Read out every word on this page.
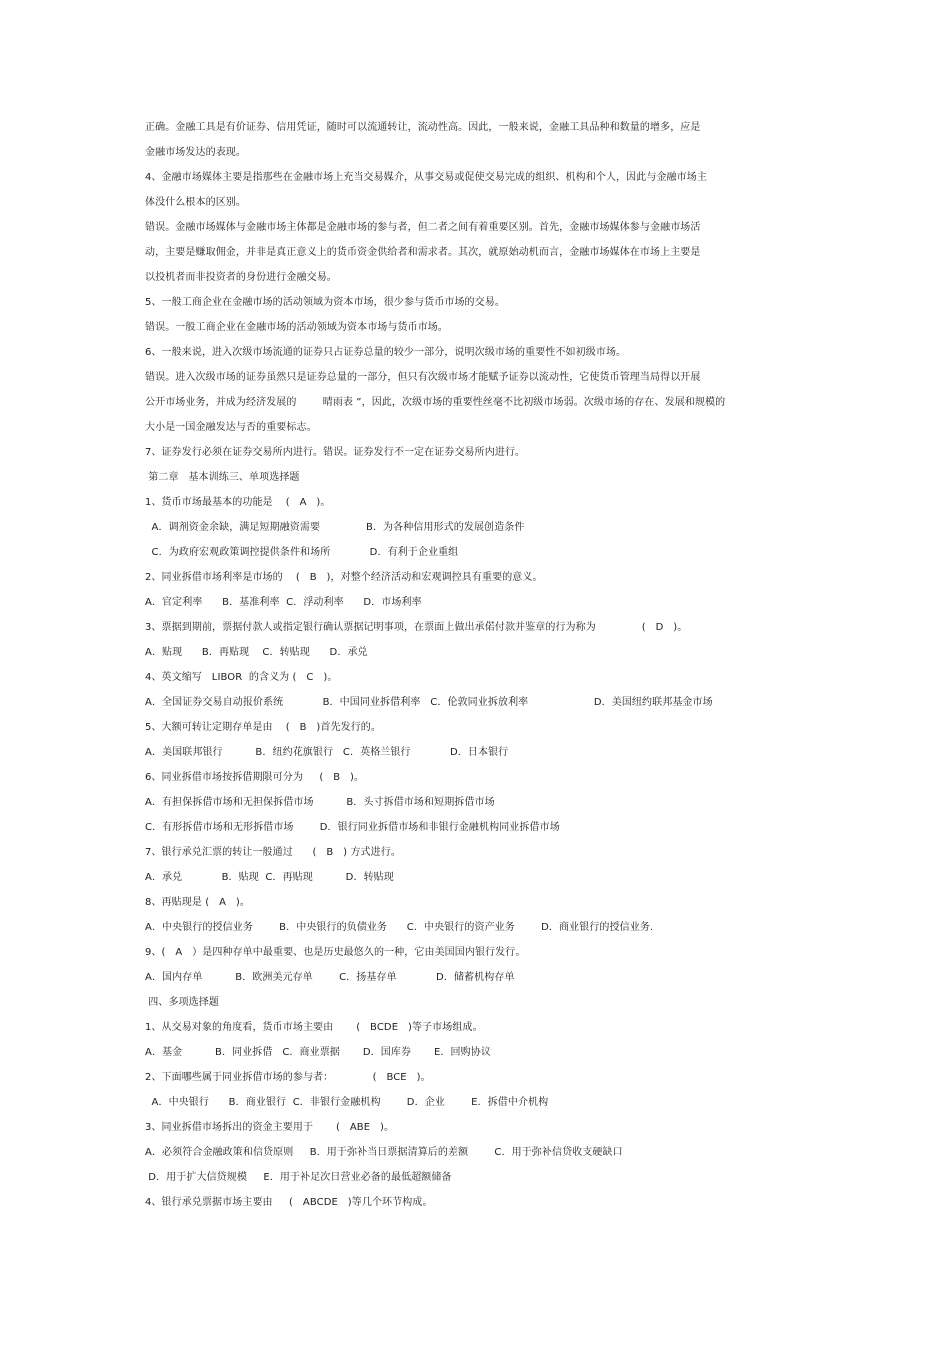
正确。金融工具是有价证券、信用凭证，随时可以流通转让，流动性高。因此，一般来说，金融工具品种和数量的增多，应是
金融市场发达的表现。
4、金融市场媒体主要是指那些在金融市场上充当交易媒介，从事交易或促使交易完成的组织、机构和个人，因此与金融市场主
体没什么根本的区别。
错误。金融市场媒体与金融市场主体都是金融市场的参与者，但二者之间有着重要区别。首先，金融市场媒体参与金融市场活
动，主要是赚取佣金，并非是真正意义上的货币资金供给者和需求者。其次，就原始动机而言，金融市场媒体在市场上主要是
以投机者而非投资者的身份进行金融交易。
5、一般工商企业在金融市场的活动领域为资本市场，很少参与货币市场的交易。
错误。一般工商企业在金融市场的活动领域为资本市场与货币市场。
6、一般来说，进入次级市场流通的证券只占证券总量的较少一部分，说明次级市场的重要性不如初级市场。
错误。进入次级市场的证券虽然只是证券总量的一部分，但只有次级市场才能赋予证券以流动性，它使货币管理当局得以开展
公开市场业务，并成为经济发展的        晴雨表 ”，因此，次级市场的重要性丝毫不比初级市场弱。次级市场的存在、发展和规模的
大小是一国金融发达与否的重要标志。
7、证券发行必须在证券交易所内进行。错误。证券发行不一定在证券交易所内进行。
第二章   基本训练三、单项选择题
1、货币市场最基本的功能是    (   A   )。
A．调剂资金余缺，满足短期融资需要              B．为各种信用形式的发展创造条件
C．为政府宏观政策调控提供条件和场所            D．有利于企业重组
2、同业拆借市场利率是市场的    (   B   )，对整个经济活动和宏观调控具有重要的意义。
A．官定利率      B．基准利率  C．浮动利率      D．市场利率
3、票据到期前，票据付款人或指定银行确认票据记明事项，在票面上做出承偌付款并鉴章的行为称为              (   D   )。
A．贴现      B．再贴现    C．转贴现      D．承兑
4、英文缩写   LIBOR  的含义为 (   C   )。
A．全国证券交易自动报价系统            B．中国同业拆借利率   C．伦敦同业拆放利率                    D．美国纽约联邦基金市场
5、大额可转让定期存单是由    (   B   )首先发行的。
A．美国联邦银行          B．纽约花旗银行   C．英格兰银行            D．日本银行
6、同业拆借市场按拆借期限可分为     (   B   )。
A．有担保拆借市场和无担保拆借市场          B．头寸拆借市场和短期拆借市场
C．有形拆借市场和无形拆借市场        D．银行同业拆借市场和非银行金融机构同业拆借市场
7、银行承兑汇票的转让一般通过      (   B   ) 方式进行。
A．承兑            B．贴现  C．再贴现          D．转贴现
8、再贴现是 (   A   )。
A．中央银行的授信业务        B．中央银行的负债业务      C．中央银行的资产业务        D．商业银行的授信业务.
9、(   A   ）是四种存单中最重要、也是历史最悠久的一种，它由美国国内银行发行。
A．国内存单          B．欧洲美元存单        C．扬基存单            D．储蓄机构存单
四、多项选择题
1、从交易对象的角度看，货币市场主要由       (   BCDE   )等子市场组成。
A．基金          B．同业拆借   C．商业票据       D．国库券       E．回购协议
2、下面哪些属于同业拆借市场的参与者：            (   BCE   )。
A．中央银行      B．商业银行  C．非银行金融机构        D．企业        E．拆借中介机构
3、同业拆借市场拆出的资金主要用于       (   ABE   )。
A．必须符合金融政策和信贷原则     B．用于弥补当日票据清算后的差额        C．用于弥补信贷收支硬缺口
D．用于扩大信贷规模     E．用于补足次日营业必备的最低超额储备
4、银行承兑票据市场主要由     (   ABCDE   )等几个环节构成。
